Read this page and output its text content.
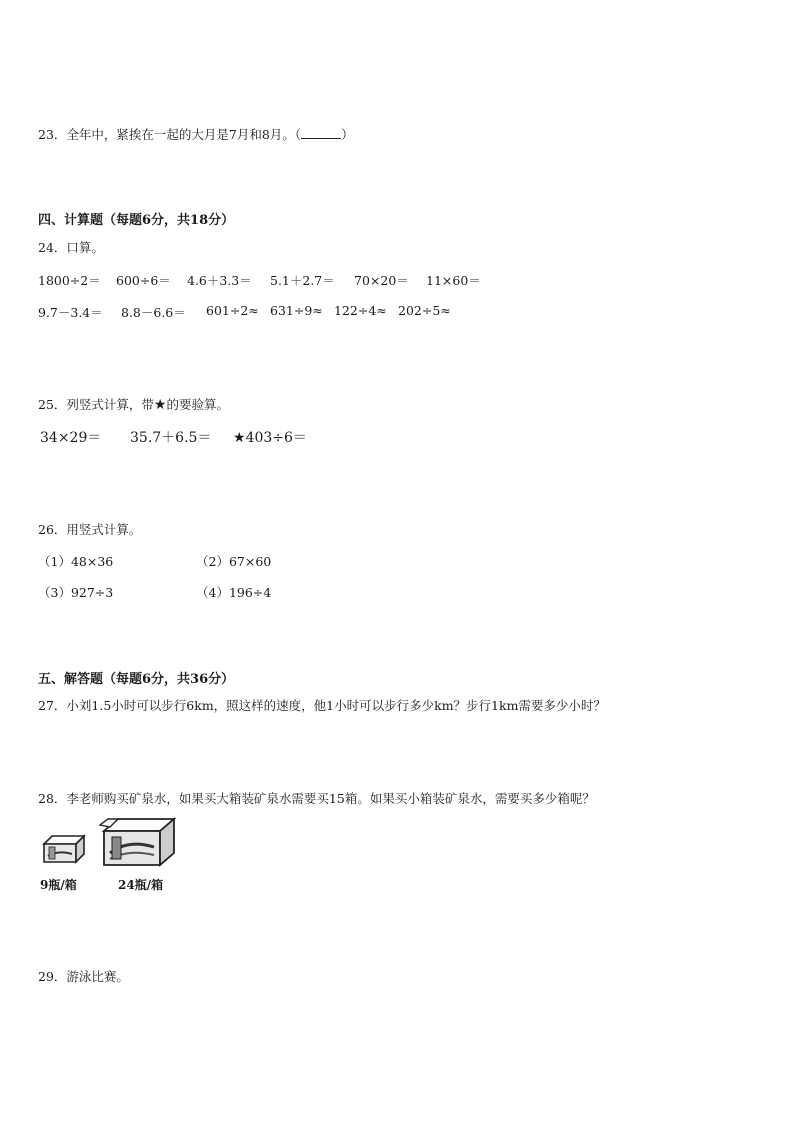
23．全年中，紧挨在一起的大月是7月和8月。（	）
四、计算题（每题6分，共18分）
24．口算。
1800÷2＝	600÷6＝	4.6＋3.3＝	5.1＋2.7＝	70×20＝	11×60＝
9.7－3.4＝	8.8－6.6＝	601÷2≈ 631÷9≈ 122÷4≈ 202÷5≈
25．列竖式计算，带★的要验算。
34×29＝	35.7＋6.5＝	★403÷6＝
26．用竖式计算。
（1）48×36	（2）67×60
（3）927÷3	（4）196÷4
五、解答题（每题6分，共36分）
27．小刘1.5小时可以步行6km，照这样的速度，他1小时可以步行多少km？步行1km需要多少小时？
28．李老师购买矿泉水，如果买大箱装矿泉水需要买15箱。如果买小箱装矿泉水，需要买多少箱呢？
9瓶/箱	24瓶/箱
29．游泳比赛。
